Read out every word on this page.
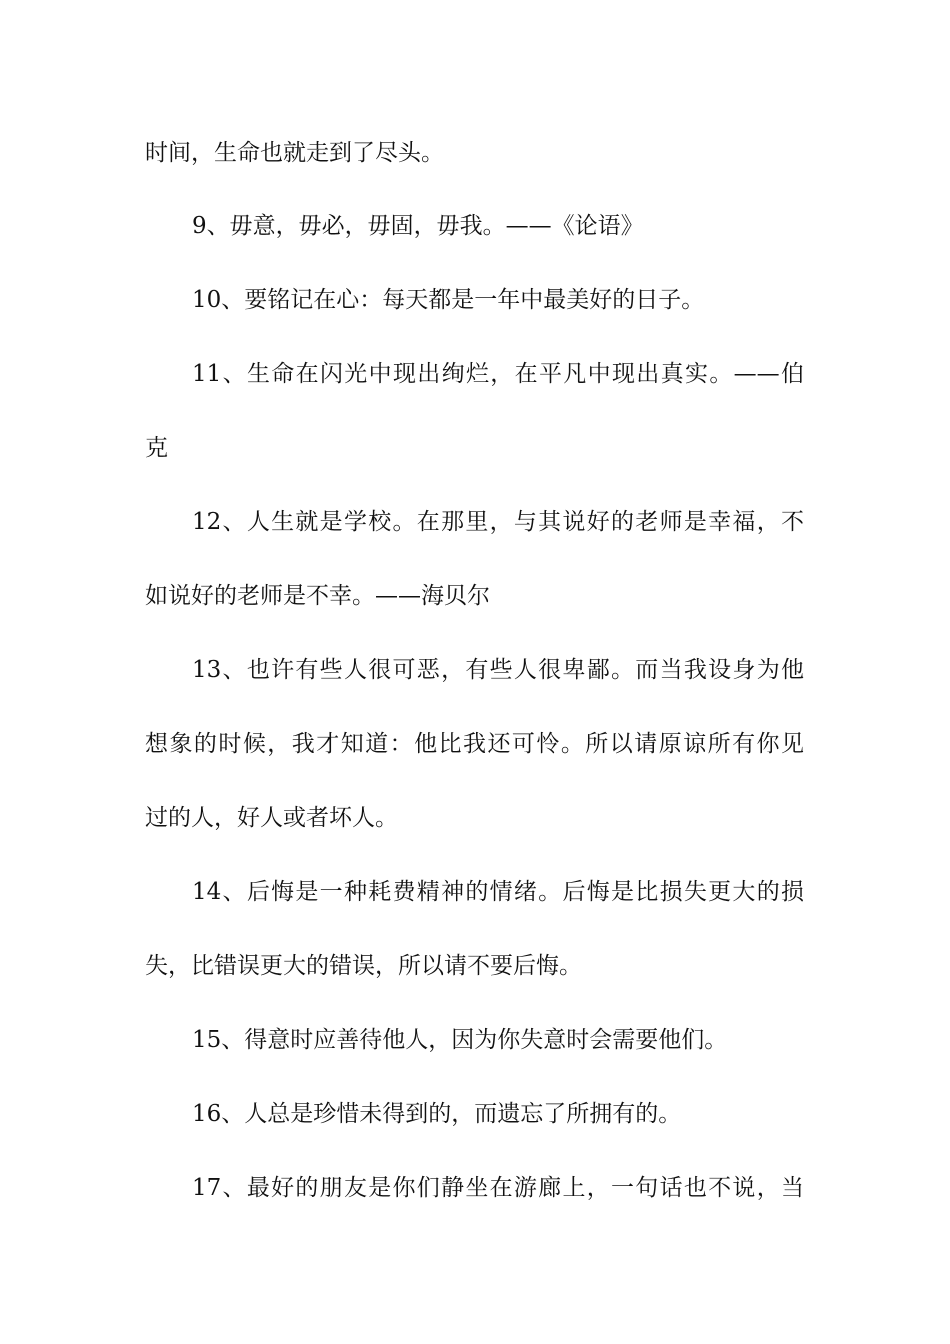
时间，生命也就走到了尽头。
9、毋意，毋必，毋固，毋我。——《论语》
10、要铭记在心：每天都是一年中最美好的日子。
11、生命在闪光中现出绚烂，在平凡中现出真实。——伯
克
12、人生就是学校。在那里，与其说好的老师是幸福，不
如说好的老师是不幸。——海贝尔
13、也许有些人很可恶，有些人很卑鄙。而当我设身为他
想象的时候，我才知道：他比我还可怜。所以请原谅所有你见
过的人，好人或者坏人。
14、后悔是一种耗费精神的情绪。后悔是比损失更大的损
失，比错误更大的错误，所以请不要后悔。
15、得意时应善待他人，因为你失意时会需要他们。
16、人总是珍惜未得到的，而遗忘了所拥有的。
17、最好的朋友是你们静坐在游廊上，一句话也不说，当
